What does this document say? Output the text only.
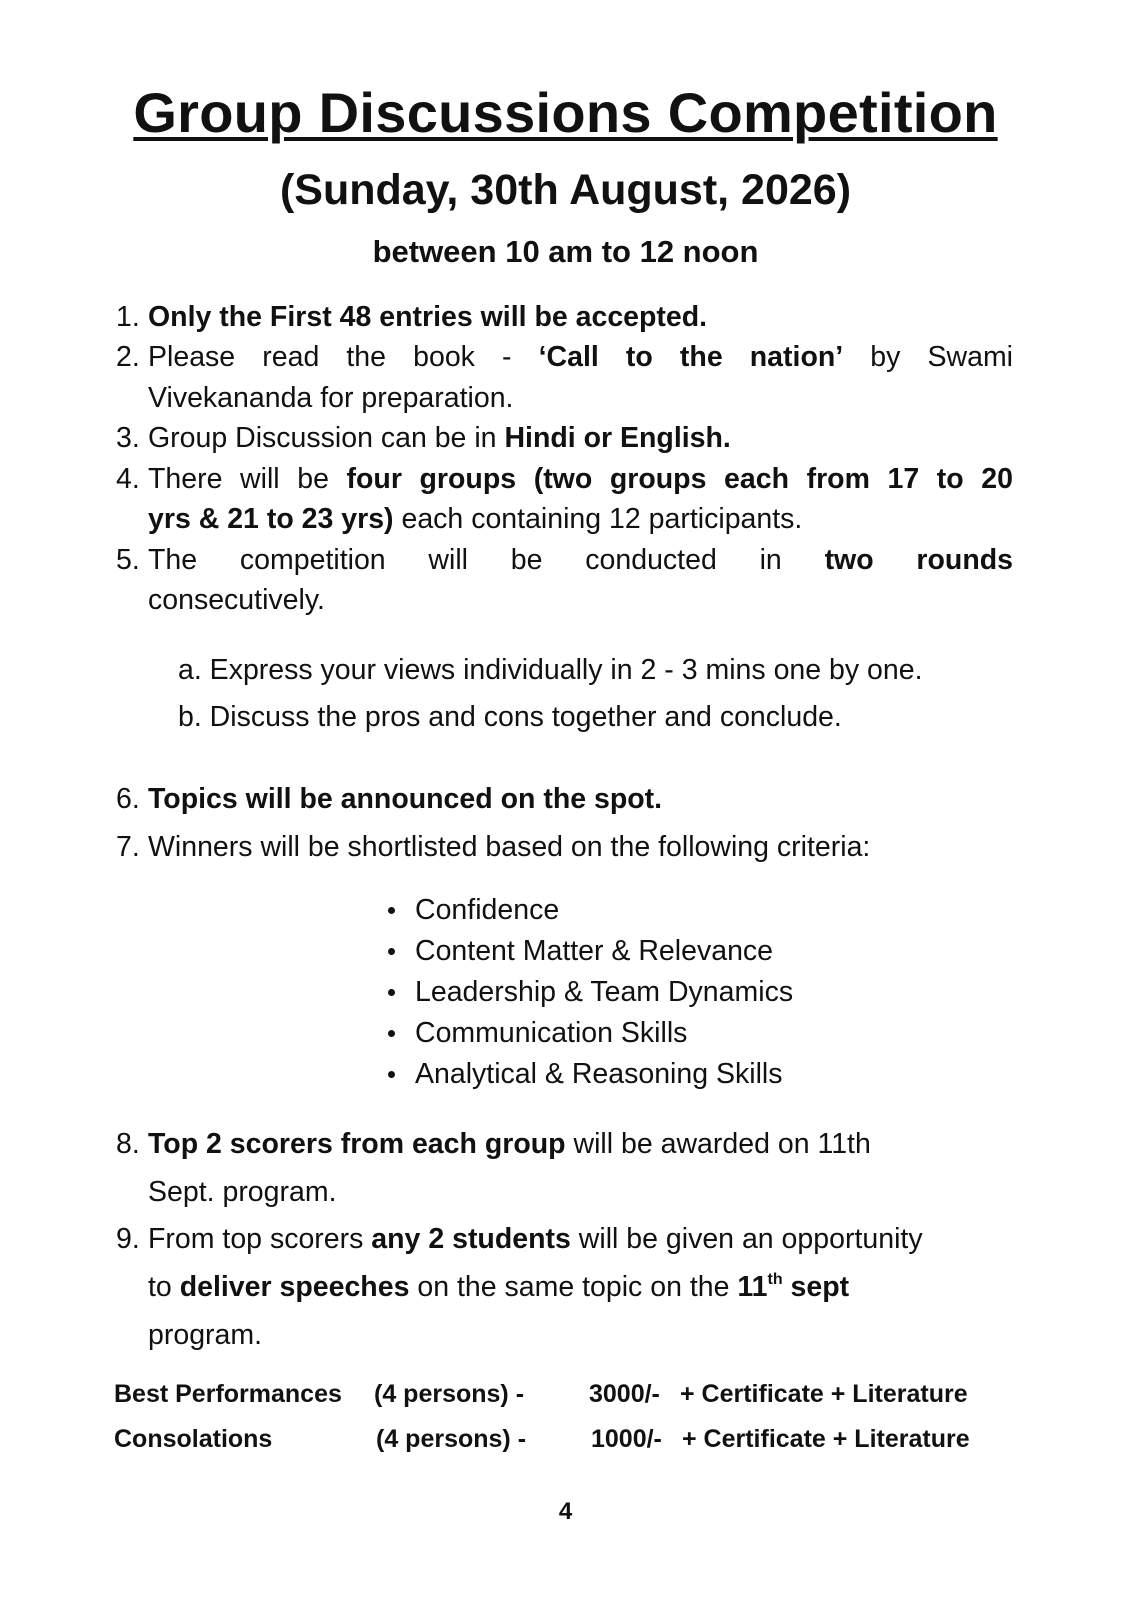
Group Discussions Competition
(Sunday, 30th August, 2026)
between 10 am to 12 noon
1. Only the First 48 entries will be accepted.
2. Please read the book - ‘Call to the nation’ by Swami
Vivekananda for preparation.
3. Group Discussion can be in Hindi or English.
4. There will be four groups (two groups each from 17 to 20
yrs & 21 to 23 yrs) each containing 12 participants.
5. The competition will be conducted in two rounds
consecutively.
a. Express your views individually in 2 - 3 mins one by one.
b. Discuss the pros and cons together and conclude.
6. Topics will be announced on the spot.
7. Winners will be shortlisted based on the following criteria:
Confidence
Content Matter & Relevance
Leadership & Team Dynamics
Communication Skills
Analytical & Reasoning Skills
8. Top 2 scorers from each group will be awarded on 11th
Sept. program.
9. From top scorers any 2 students will be given an opportunity
to deliver speeches on the same topic on the 11th sept
program.
Best Performances (4 persons) -	3000/- + Certificate + Literature
Consolations	(4 persons) -	1000/- + Certificate + Literature
4
